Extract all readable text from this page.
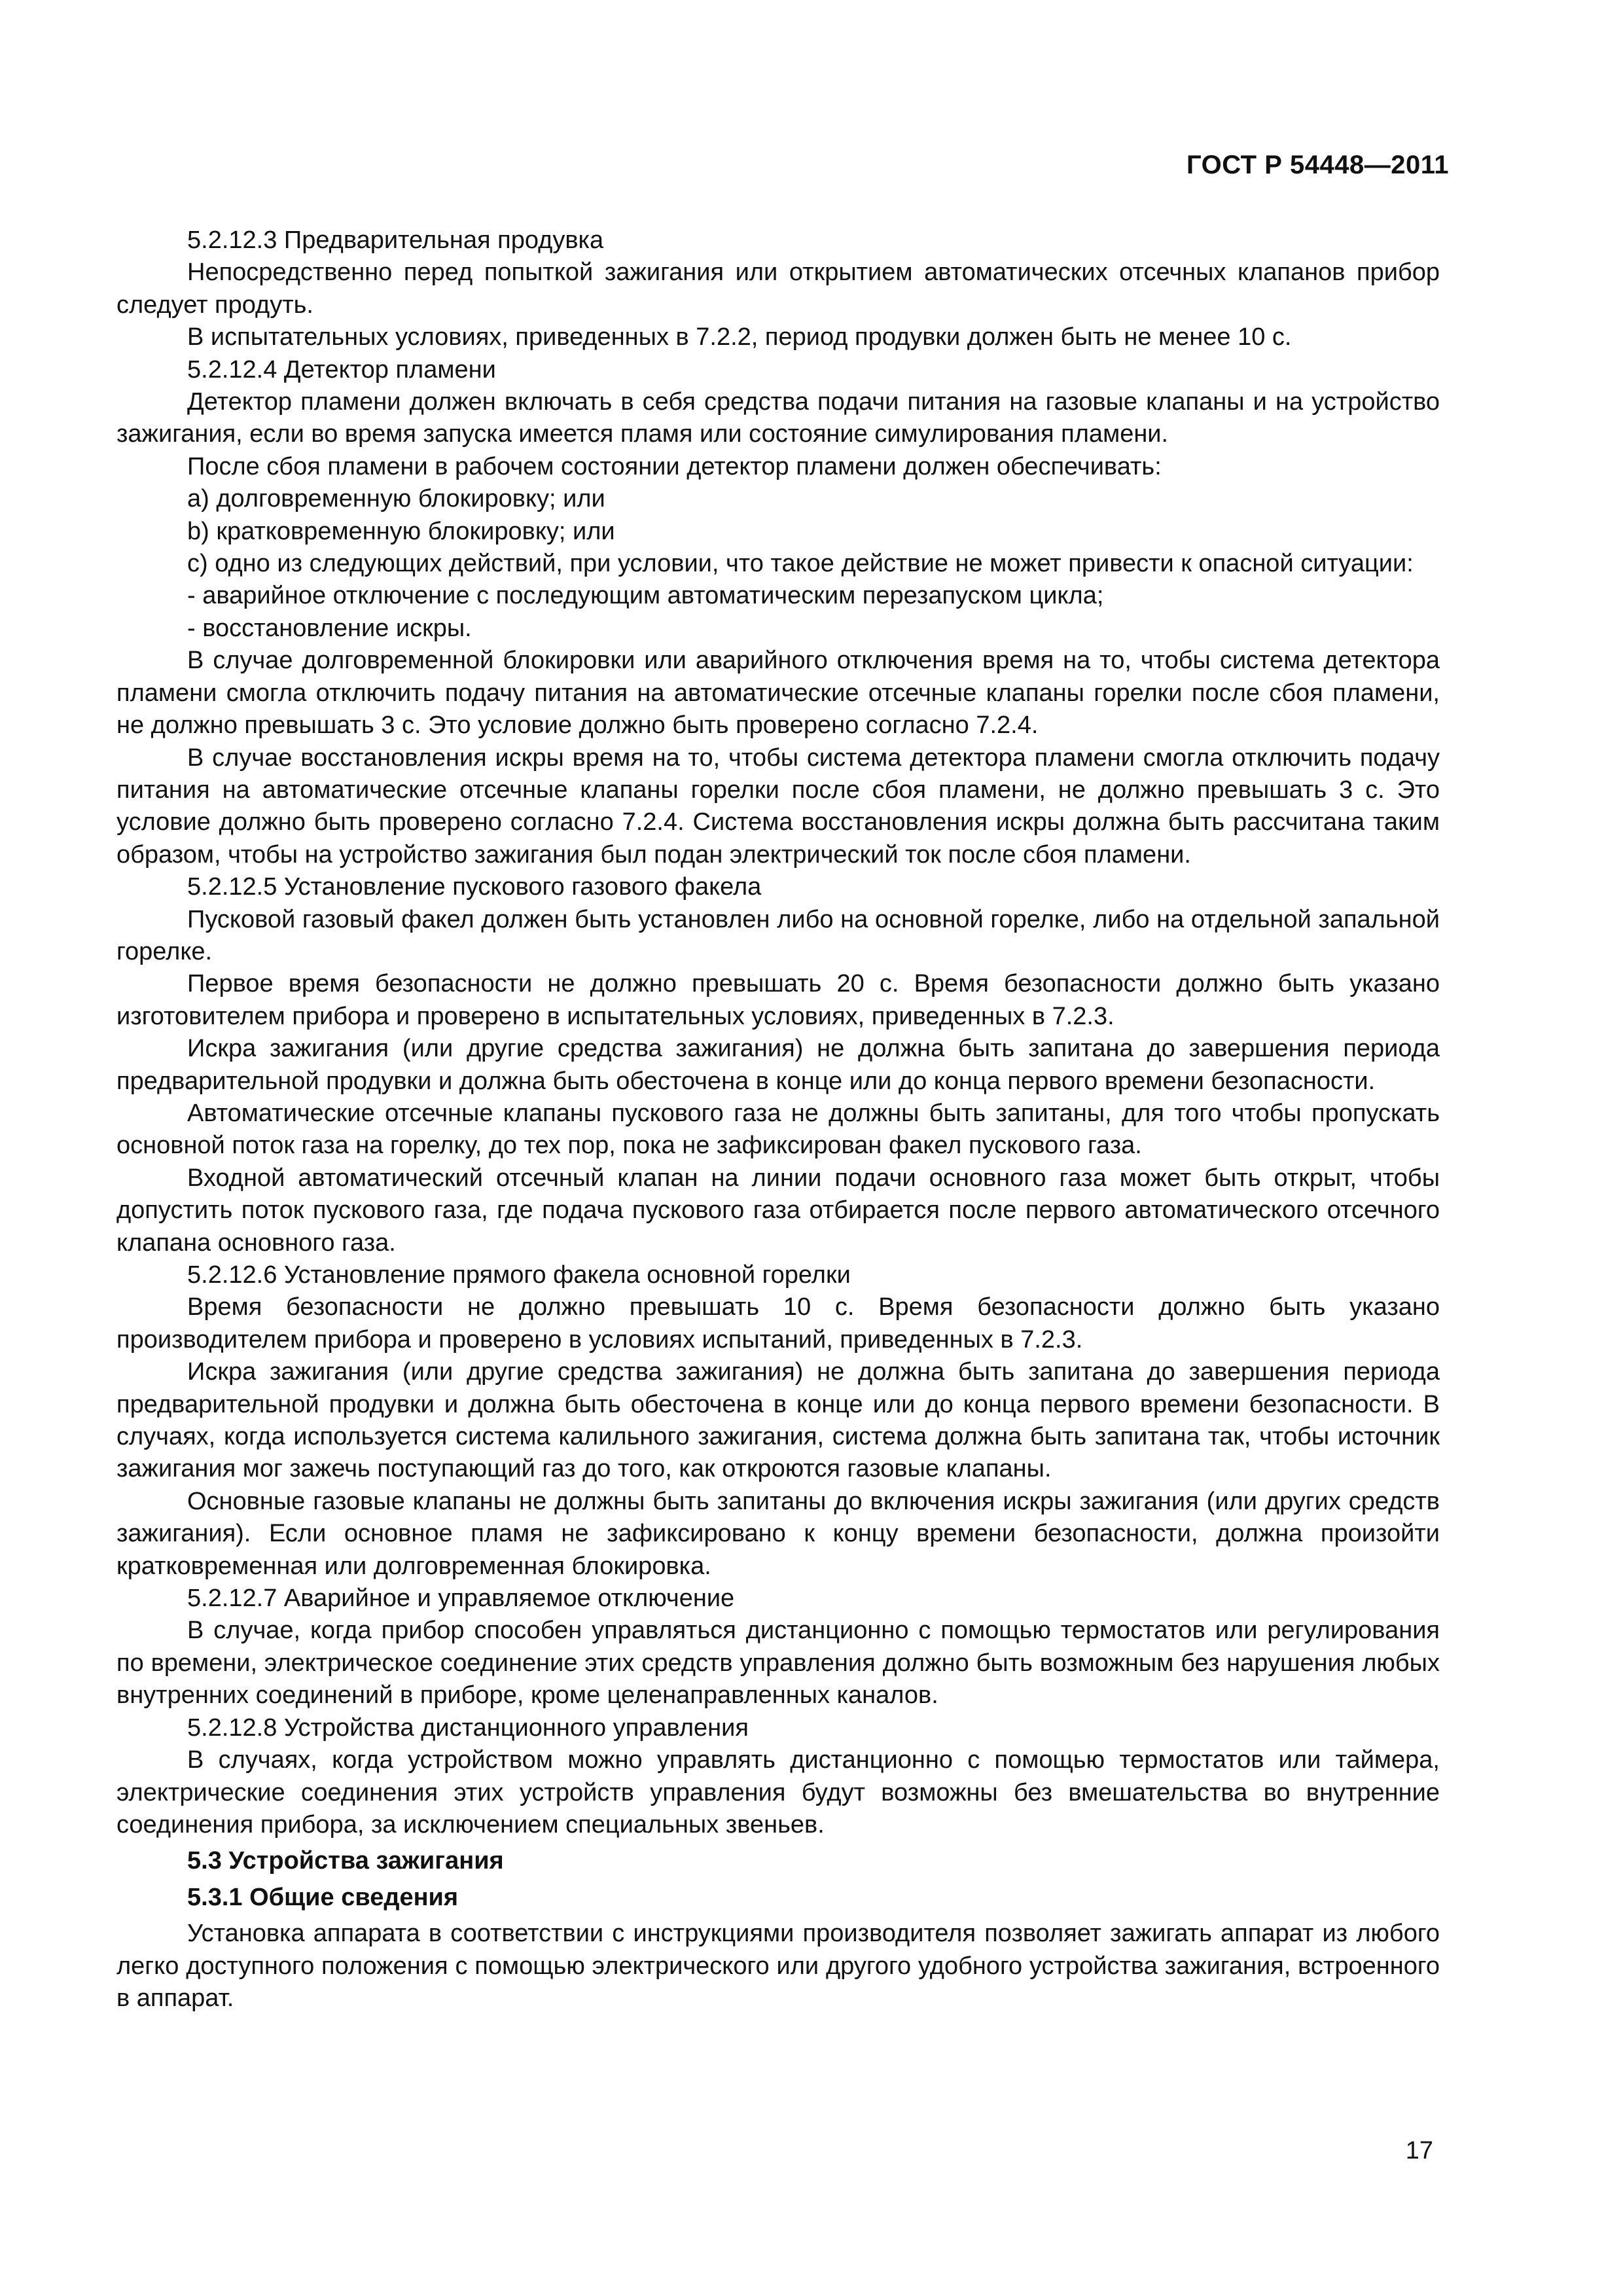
ГОСТ Р 54448—2011

5.2.12.3 Предварительная продувка

Непосредственно перед попыткой зажигания или открытием автоматических отсечных клапанов прибор следует продуть.

В испытательных условиях, приведенных в 7.2.2, период продувки должен быть не менее 10 с.

5.2.12.4 Детектор пламени

Детектор пламени должен включать в себя средства подачи питания на газовые клапаны и на устройство зажигания, если во время запуска имеется пламя или состояние симулирования пламени.

После сбоя пламени в рабочем состоянии детектор пламени должен обеспечивать:

a) долговременную блокировку; или

b) кратковременную блокировку; или

c) одно из следующих действий, при условии, что такое действие не может привести к опасной ситуации:

- аварийное отключение с последующим автоматическим перезапуском цикла;

- восстановление искры.

В случае долговременной блокировки или аварийного отключения время на то, чтобы система детектора пламени смогла отключить подачу питания на автоматические отсечные клапаны горелки после сбоя пламени, не должно превышать 3 с. Это условие должно быть проверено согласно 7.2.4.

В случае восстановления искры время на то, чтобы система детектора пламени смогла отключить подачу питания на автоматические отсечные клапаны горелки после сбоя пламени, не должно превышать 3 с. Это условие должно быть проверено согласно 7.2.4. Система восстановления искры должна быть рассчитана таким образом, чтобы на устройство зажигания был подан электрический ток после сбоя пламени.

5.2.12.5 Установление пускового газового факела

Пусковой газовый факел должен быть установлен либо на основной горелке, либо на отдельной запальной горелке.

Первое время безопасности не должно превышать 20 с. Время безопасности должно быть указано изготовителем прибора и проверено в испытательных условиях, приведенных в 7.2.3.

Искра зажигания (или другие средства зажигания) не должна быть запитана до завершения периода предварительной продувки и должна быть обесточена в конце или до конца первого времени безопасности.

Автоматические отсечные клапаны пускового газа не должны быть запитаны, для того чтобы пропускать основной поток газа на горелку, до тех пор, пока не зафиксирован факел пускового газа.

Входной автоматический отсечный клапан на линии подачи основного газа может быть открыт, чтобы допустить поток пускового газа, где подача пускового газа отбирается после первого автоматического отсечного клапана основного газа.

5.2.12.6 Установление прямого факела основной горелки

Время безопасности не должно превышать 10 с. Время безопасности должно быть указано производителем прибора и проверено в условиях испытаний, приведенных в 7.2.3.

Искра зажигания (или другие средства зажигания) не должна быть запитана до завершения периода предварительной продувки и должна быть обесточена в конце или до конца первого времени безопасности. В случаях, когда используется система калильного зажигания, система должна быть запитана так, чтобы источник зажигания мог зажечь поступающий газ до того, как откроются газовые клапаны.

Основные газовые клапаны не должны быть запитаны до включения искры зажигания (или других средств зажигания). Если основное пламя не зафиксировано к концу времени безопасности, должна произойти кратковременная или долговременная блокировка.

5.2.12.7 Аварийное и управляемое отключение

В случае, когда прибор способен управляться дистанционно с помощью термостатов или регулирования по времени, электрическое соединение этих средств управления должно быть возможным без нарушения любых внутренних соединений в приборе, кроме целенаправленных каналов.

5.2.12.8 Устройства дистанционного управления

В случаях, когда устройством можно управлять дистанционно с помощью термостатов или таймера, электрические соединения этих устройств управления будут возможны без вмешательства во внутренние соединения прибора, за исключением специальных звеньев.

5.3 Устройства зажигания
5.3.1 Общие сведения

Установка аппарата в соответствии с инструкциями производителя позволяет зажигать аппарат из любого легко доступного положения с помощью электрического или другого удобного устройства зажигания, встроенного в аппарат.

17
